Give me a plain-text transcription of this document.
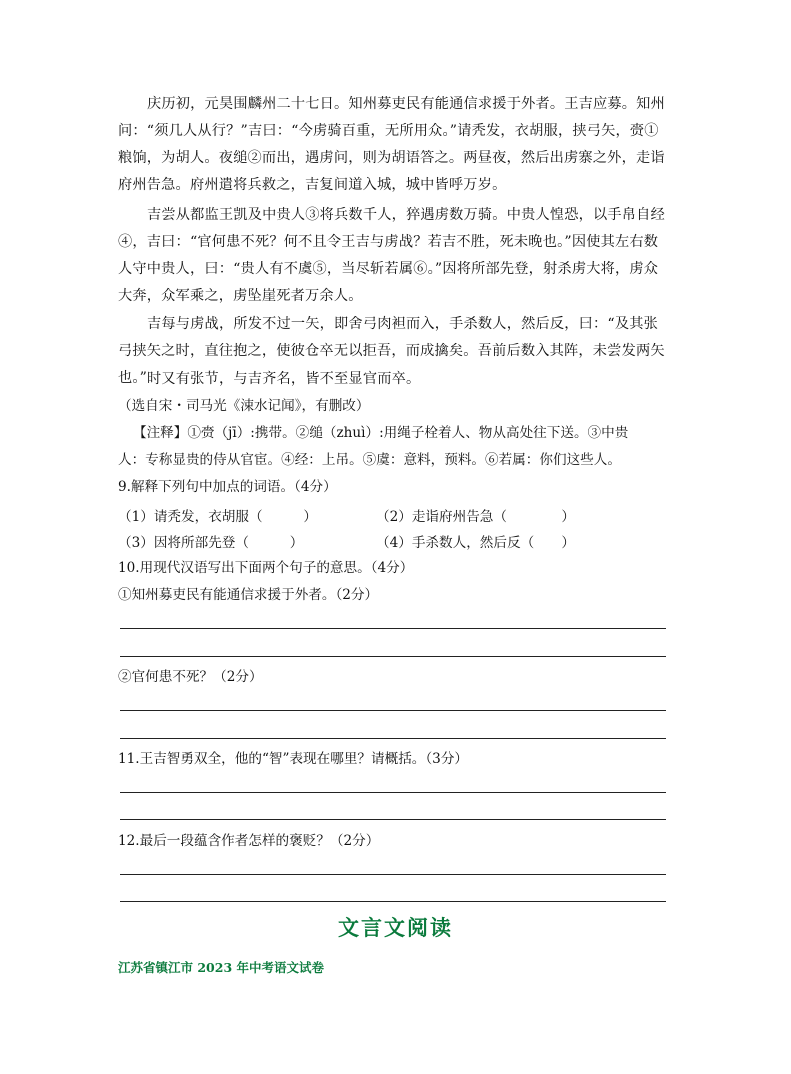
庆历初，元昊围麟州二十七日。知州募吏民有能通信求援于外者。王吉应募。知州问：“须几人从行？”吉曰：“今虏骑百重，无所用众。”请秃发，衣胡服，挟弓矢，赍①粮饷，为胡人。夜缒②而出，遇虏问，则为胡语答之。两昼夜，然后出虏寨之外，走诣府州告急。府州遣将兵救之，吉复间道入城，城中皆呼万岁。

吉尝从都监王凯及中贵人③将兵数千人，猝遇虏数万骑。中贵人惶恐，以手帛自经④，吉曰：“官何患不死？何不且令王吉与虏战？若吉不胜，死未晚也。”因使其左右数人守中贵人，曰：“贵人有不虞⑤，当尽斩若属⑥。”因将所部先登，射杀虏大将，虏众大奔，众军乘之，虏坠崖死者万余人。

吉每与虏战，所发不过一矢，即舍弓肉袒而入，手杀数人，然后反，曰：“及其张弓挟矢之时，直往抱之，使彼仓卒无以拒吾，而成擒矣。吾前后数入其阵，未尝发两矢也。” 时又有张节，与吉齐名，皆不至显官而卒。

（选自宋・司马光《涑水记闻》，有删改）
【注释】①赍（jī）:携带。②缒（zhuì）:用绳子栓着人、物从高处往下送。③中贵
人：专称显贵的侍从官宦。④经：上吊。⑤虞：意料，预料。⑥若属：你们这些人。
9.解释下列句中加点的词语。（4分）
（1）请秃发，衣胡服（　　　）	（2）走诣府州告急（　　　　）
（3）因将所部先登（　　　）	（4）手杀数人，然后反（　　）
10.用现代汉语写出下面两个句子的意思。（4分）
①知州募吏民有能通信求援于外者。（2分）
②官何患不死？（2分）
11.王吉智勇双全，他的“智”表现在哪里？请概括。（3分）
12.最后一段蕴含作者怎样的褒贬？（2分）
文言文阅读
江苏省镇江市 2023 年中考语文试卷
